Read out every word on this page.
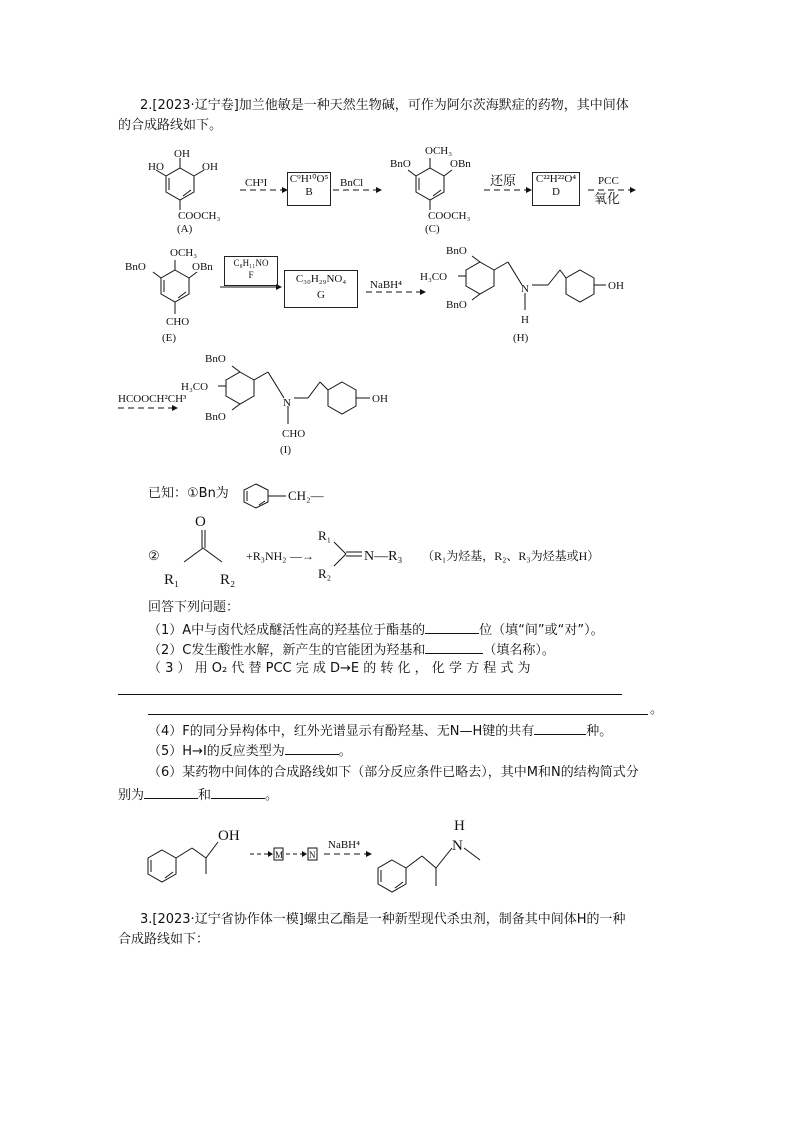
2.[2023·辽宁卷]加兰他敏是一种天然生物碱，可作为阿尔茨海默症的药物，其中间体
的合成路线如下。
OH
HO	OH
COOCH₃
(A)
CH³I	BnCl
OCH₃
BnO	OBn
COOCH₃
(C)
还原	PCC
氧化
OCH₃
BnO	OBn
CHO
(E)
NaBH⁴
BnO
H₃CO
BnO
N
H
OH
(H)
HCOOCH²CH³
BnO
H₃CO
BnO
N
CHO
OH
(I)
C⁹H¹⁰O⁵
B
C²²H²²O⁴
D
C₈H₁₁NO
F	C₃₀H₂₉NO₄
G
已知：①Bn为	CH₂—
②
O
R₁	R₂
+R₃NH₂ —→
R₁
R₂
N—R₃ （R₁为烃基，R₂、R₃为烃基或H）
回答下列问题：
（1）A中与卤代烃成醚活性高的羟基位于酯基的	位（填“间”或“对”）。
（2）C发生酸性水解，新产生的官能团为羟基和	（填名称）。
（ 3 ） 用 O₂ 代 替 PCC 完 成 D→E 的 转 化 ， 化 学 方 程 式 为
。
（4）F的同分异构体中，红外光谱显示有酚羟基、无N—H键的共有	种。
（5）H→I的反应类型为	。
（6）某药物中间体的合成路线如下（部分反应条件已略去），其中M和N的结构简式分
别为	和	。
OH
M	N
NaBH⁴
H
N
3.[2023·辽宁省协作体一模]螺虫乙酯是一种新型现代杀虫剂，制备其中间体H的一种
合成路线如下：
